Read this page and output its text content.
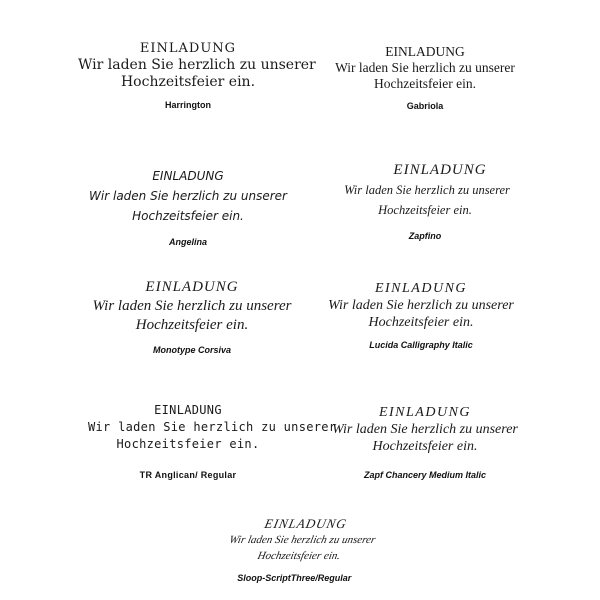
EINLADUNG
Wir laden Sie herzlich zu unserer
Hochzeitsfeier ein.
Harrington
EINLADUNG
Wir laden Sie herzlich zu unserer
Hochzeitsfeier ein.
Gabriola
EINLADUNG
Wir laden Sie herzlich zu unserer
Hochzeitsfeier ein.
Angelina
EINLADUNG
Wir laden Sie herzlich zu unserer
Hochzeitsfeier ein.
Zapfino
EINLADUNG
Wir laden Sie herzlich zu unserer
Hochzeitsfeier ein.
Monotype Corsiva
EINLADUNG
Wir laden Sie herzlich zu unserer
Hochzeitsfeier ein.
Lucida Calligraphy Italic
EINLADUNG
Wir laden Sie herzlich zu unserer
Hochzeitsfeier ein.
TR Anglican/ Regular
EINLADUNG
Wir laden Sie herzlich zu unserer
Hochzeitsfeier ein.
Zapf Chancery Medium Italic
EINLADUNG
Wir laden Sie herzlich zu unserer
Hochzeitsfeier ein.
Sloop-ScriptThree/Regular
